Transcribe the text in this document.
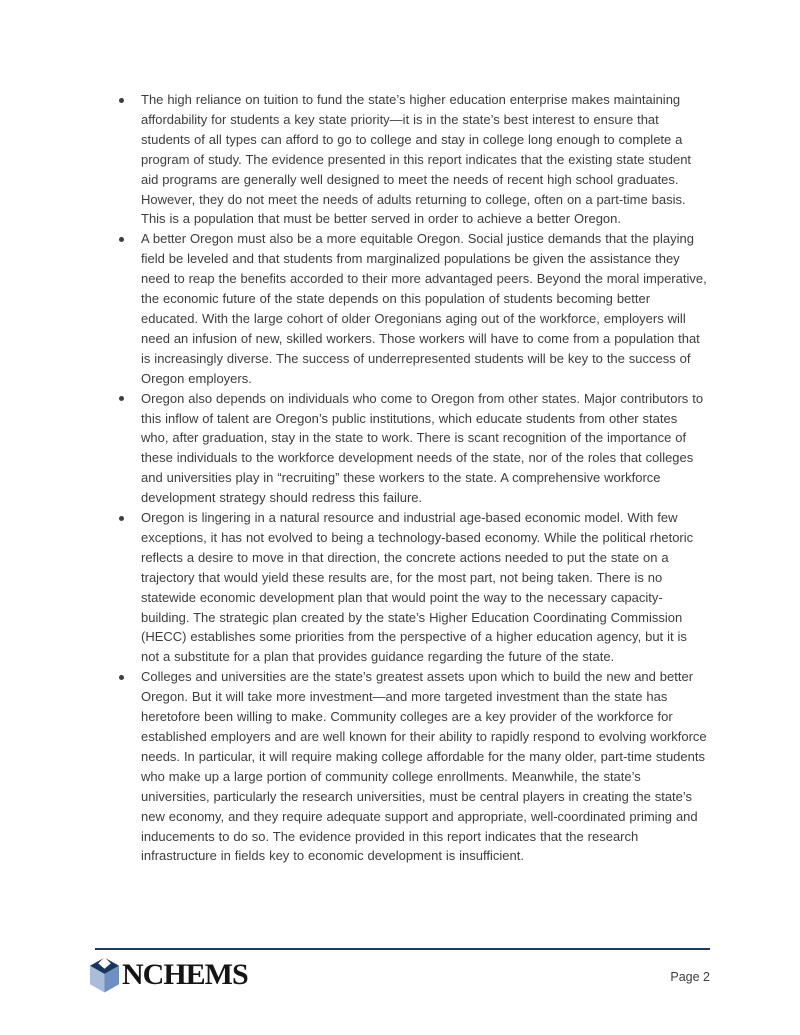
The high reliance on tuition to fund the state’s higher education enterprise makes maintaining affordability for students a key state priority—it is in the state’s best interest to ensure that students of all types can afford to go to college and stay in college long enough to complete a program of study. The evidence presented in this report indicates that the existing state student aid programs are generally well designed to meet the needs of recent high school graduates. However, they do not meet the needs of adults returning to college, often on a part-time basis. This is a population that must be better served in order to achieve a better Oregon.
A better Oregon must also be a more equitable Oregon. Social justice demands that the playing field be leveled and that students from marginalized populations be given the assistance they need to reap the benefits accorded to their more advantaged peers. Beyond the moral imperative, the economic future of the state depends on this population of students becoming better educated. With the large cohort of older Oregonians aging out of the workforce, employers will need an infusion of new, skilled workers. Those workers will have to come from a population that is increasingly diverse. The success of underrepresented students will be key to the success of Oregon employers.
Oregon also depends on individuals who come to Oregon from other states. Major contributors to this inflow of talent are Oregon’s public institutions, which educate students from other states who, after graduation, stay in the state to work. There is scant recognition of the importance of these individuals to the workforce development needs of the state, nor of the roles that colleges and universities play in “recruiting” these workers to the state. A comprehensive workforce development strategy should redress this failure.
Oregon is lingering in a natural resource and industrial age-based economic model. With few exceptions, it has not evolved to being a technology-based economy. While the political rhetoric reflects a desire to move in that direction, the concrete actions needed to put the state on a trajectory that would yield these results are, for the most part, not being taken. There is no statewide economic development plan that would point the way to the necessary capacity-building. The strategic plan created by the state’s Higher Education Coordinating Commission (HECC) establishes some priorities from the perspective of a higher education agency, but it is not a substitute for a plan that provides guidance regarding the future of the state.
Colleges and universities are the state’s greatest assets upon which to build the new and better Oregon. But it will take more investment—and more targeted investment than the state has heretofore been willing to make. Community colleges are a key provider of the workforce for established employers and are well known for their ability to rapidly respond to evolving workforce needs. In particular, it will require making college affordable for the many older, part-time students who make up a large portion of community college enrollments. Meanwhile, the state’s universities, particularly the research universities, must be central players in creating the state’s new economy, and they require adequate support and appropriate, well-coordinated priming and inducements to do so. The evidence provided in this report indicates that the research infrastructure in fields key to economic development is insufficient.
NCHEMS	Page 2
